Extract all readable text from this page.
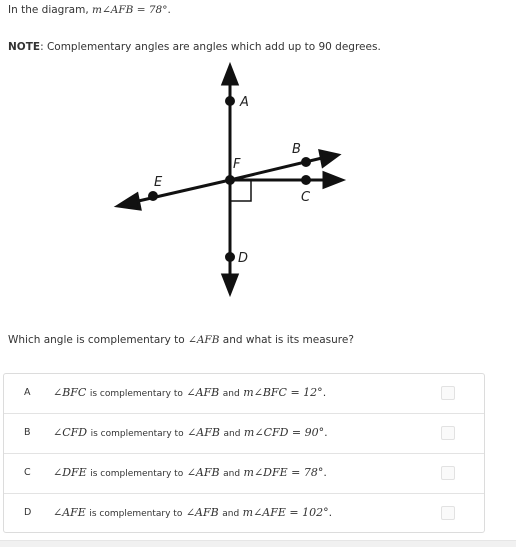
In the diagram, m∠AFB = 78°.
NOTE: Complementary angles are angles which add up to 90 degrees.
A
B
C
D
E
F
Which angle is complementary to ∠AFB and what is its measure?
A ∠BFC is complementary to ∠AFB and m∠BFC = 12°.
B ∠CFD is complementary to ∠AFB and m∠CFD = 90°.
C ∠DFE is complementary to ∠AFB and m∠DFE = 78°.
D ∠AFE is complementary to ∠AFB and m∠AFE = 102°.
